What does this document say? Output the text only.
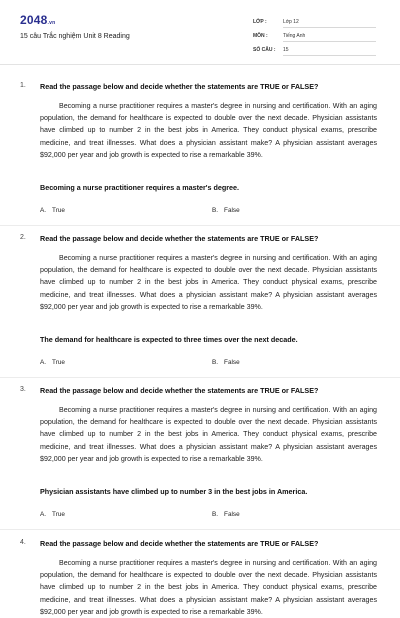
2048.vn
15 câu Trắc nghiệm Unit 8 Reading
LỚP :	Lớp 12
MÔN :	Tiếng Anh
SỐ CÂU :	15
1. Read the passage below and decide whether the statements are TRUE or FALSE?
Becoming a nurse practitioner requires a master's degree in nursing and certification. With an aging population, the demand for healthcare is expected to double over the next decade. Physician assistants have climbed up to number 2 in the best jobs in America. They conduct physical exams, prescribe medicine, and treat illnesses. What does a physician assistant make? A physician assistant averages $92,000 per year and job growth is expected to rise a remarkable 39%.
Becoming a nurse practitioner requires a master's degree.
A. True	B. False
2. Read the passage below and decide whether the statements are TRUE or FALSE?
Becoming a nurse practitioner requires a master's degree in nursing and certification. With an aging population, the demand for healthcare is expected to double over the next decade. Physician assistants have climbed up to number 2 in the best jobs in America. They conduct physical exams, prescribe medicine, and treat illnesses. What does a physician assistant make? A physician assistant averages $92,000 per year and job growth is expected to rise a remarkable 39%.
The demand for healthcare is expected to three times over the next decade.
A. True	B. False
3. Read the passage below and decide whether the statements are TRUE or FALSE?
Becoming a nurse practitioner requires a master's degree in nursing and certification. With an aging population, the demand for healthcare is expected to double over the next decade. Physician assistants have climbed up to number 2 in the best jobs in America. They conduct physical exams, prescribe medicine, and treat illnesses. What does a physician assistant make? A physician assistant averages $92,000 per year and job growth is expected to rise a remarkable 39%.
Physician assistants have climbed up to number 3 in the best jobs in America.
A. True	B. False
4. Read the passage below and decide whether the statements are TRUE or FALSE?
Becoming a nurse practitioner requires a master's degree in nursing and certification. With an aging population, the demand for healthcare is expected to double over the next decade. Physician assistants have climbed up to number 2 in the best jobs in America. They conduct physical exams, prescribe medicine, and treat illnesses. What does a physician assistant make? A physician assistant averages $92,000 per year and job growth is expected to rise a remarkable 39%.
